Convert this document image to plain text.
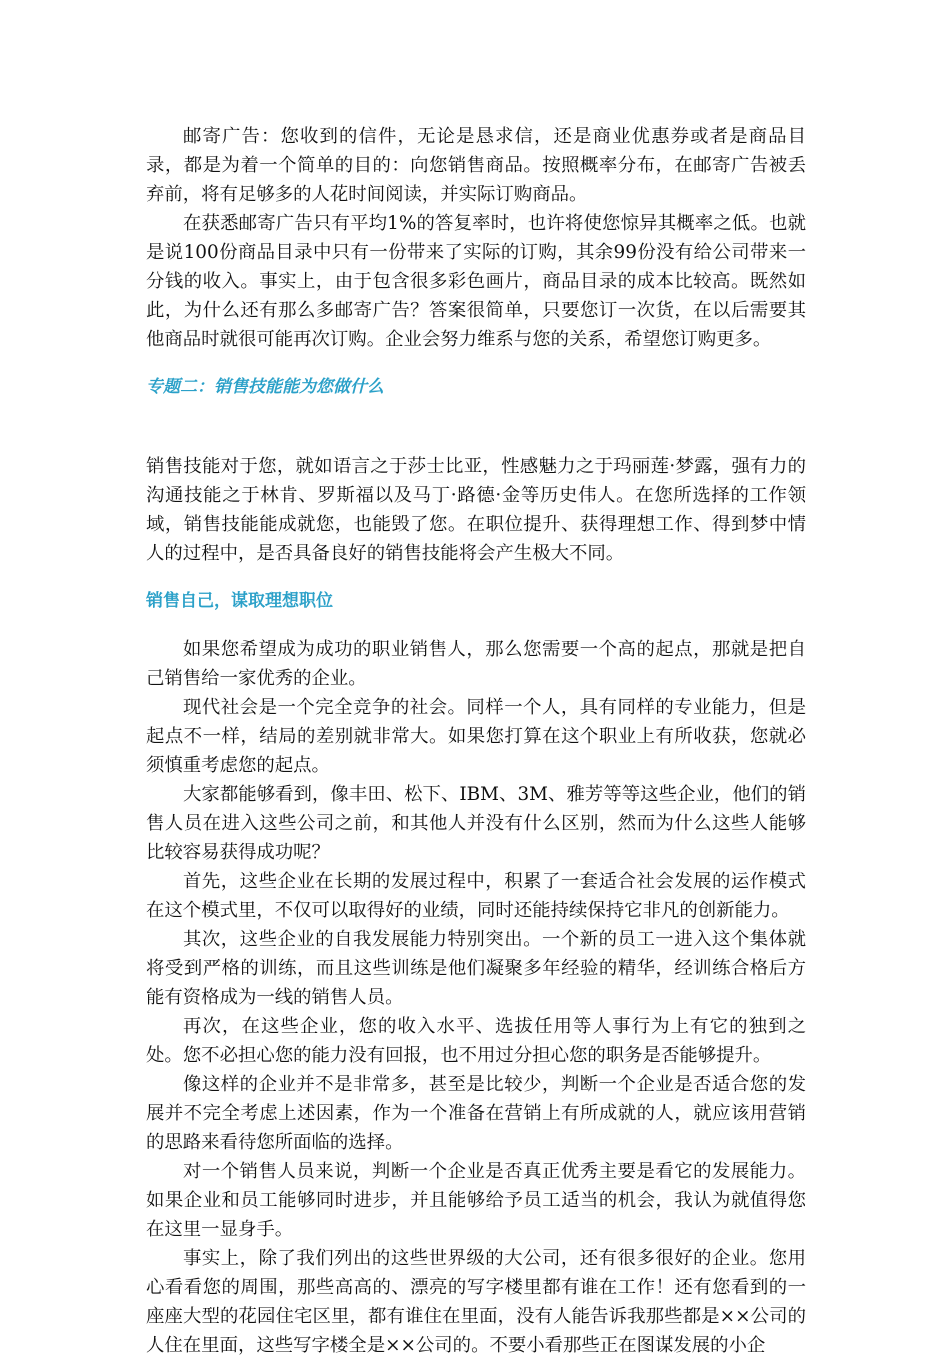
邮寄广告：您收到的信件，无论是恳求信，还是商业优惠券或者是商品目录，都是为着一个简单的目的：向您销售商品。按照概率分布，在邮寄广告被丢弃前，将有足够多的人花时间阅读，并实际订购商品。

在获悉邮寄广告只有平均1%的答复率时，也许将使您惊异其概率之低。也就是说100份商品目录中只有一份带来了实际的订购，其余99份没有给公司带来一分钱的收入。事实上，由于包含很多彩色画片，商品目录的成本比较高。既然如此，为什么还有那么多邮寄广告？答案很简单，只要您订一次货，在以后需要其他商品时就很可能再次订购。企业会努力维系与您的关系，希望您订购更多。

专题二：销售技能能为您做什么

销售技能对于您，就如语言之于莎士比亚，性感魅力之于玛丽莲·梦露，强有力的沟通技能之于林肯、罗斯福以及马丁·路德·金等历史伟人。在您所选择的工作领域，销售技能能成就您，也能毁了您。在职位提升、获得理想工作、得到梦中情人的过程中，是否具备良好的销售技能将会产生极大不同。

销售自己，谋取理想职位

如果您希望成为成功的职业销售人，那么您需要一个高的起点，那就是把自己销售给一家优秀的企业。

现代社会是一个完全竞争的社会。同样一个人，具有同样的专业能力，但是起点不一样，结局的差别就非常大。如果您打算在这个职业上有所收获，您就必须慎重考虑您的起点。

大家都能够看到，像丰田、松下、IBM、3M、雅芳等等这些企业，他们的销售人员在进入这些公司之前，和其他人并没有什么区别，然而为什么这些人能够比较容易获得成功呢？

首先，这些企业在长期的发展过程中，积累了一套适合社会发展的运作模式在这个模式里，不仅可以取得好的业绩，同时还能持续保持它非凡的创新能力。

其次，这些企业的自我发展能力特别突出。一个新的员工一进入这个集体就将受到严格的训练，而且这些训练是他们凝聚多年经验的精华，经训练合格后方能有资格成为一线的销售人员。

再次，在这些企业，您的收入水平、选拔任用等人事行为上有它的独到之处。您不必担心您的能力没有回报，也不用过分担心您的职务是否能够提升。

像这样的企业并不是非常多，甚至是比较少，判断一个企业是否适合您的发展并不完全考虑上述因素，作为一个准备在营销上有所成就的人，就应该用营销的思路来看待您所面临的选择。

对一个销售人员来说，判断一个企业是否真正优秀主要是看它的发展能力。如果企业和员工能够同时进步，并且能够给予员工适当的机会，我认为就值得您在这里一显身手。

事实上，除了我们列出的这些世界级的大公司，还有很多很好的企业。您用心看看您的周围，那些高高的、漂亮的写字楼里都有谁在工作！还有您看到的一座座大型的花园住宅区里，都有谁住在里面，没有人能告诉我那些都是××公司的人住在里面，这些写字楼全是××公司的。不要小看那些正在图谋发展的小企
